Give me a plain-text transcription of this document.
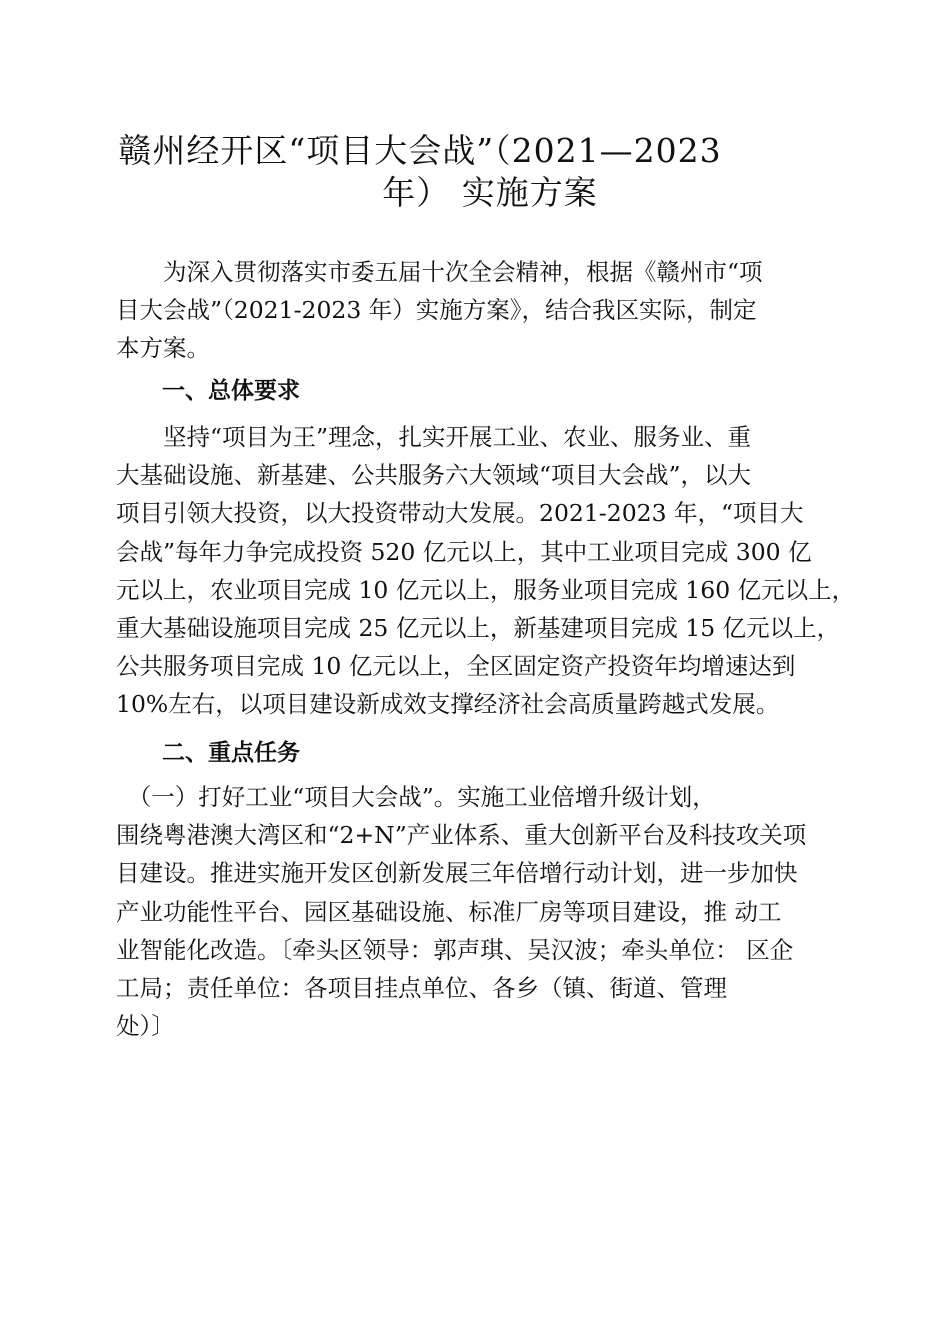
赣州经开区“项目大会战”（2021—2023
年） 实施方案
　　为深入贯彻落实市委五届十次全会精神，根据《赣州市“项
目大会战”（2021-2023 年）实施方案》，结合我区实际，制定
本方案。
一、总体要求
　　坚持“项目为王”理念，扎实开展工业、农业、服务业、重
大基础设施、新基建、公共服务六大领域“项目大会战”，以大
项目引领大投资，以大投资带动大发展。2021-2023 年，“项目大
会战”每年力争完成投资 520 亿元以上，其中工业项目完成 300 亿
元以上，农业项目完成 10 亿元以上，服务业项目完成 160 亿元以上，
重大基础设施项目完成 25 亿元以上，新基建项目完成 15 亿元以上，
公共服务项目完成 10 亿元以上，全区固定资产投资年均增速达到
10%左右，以项目建设新成效支撑经济社会高质量跨越式发展。
二、重点任务
　（一）打好工业“项目大会战”。实施工业倍增升级计划，
围绕粤港澳大湾区和“2+N”产业体系、重大创新平台及科技攻关项
目建设。推进实施开发区创新发展三年倍增行动计划，进一步加快
产业功能性平台、园区基础设施、标准厂房等项目建设，推 动工
业智能化改造。〔牵头区领导：郭声琪、吴汉波；牵头单位： 区企
工局；责任单位：各项目挂点单位、各乡（镇、街道、管理
处）〕
